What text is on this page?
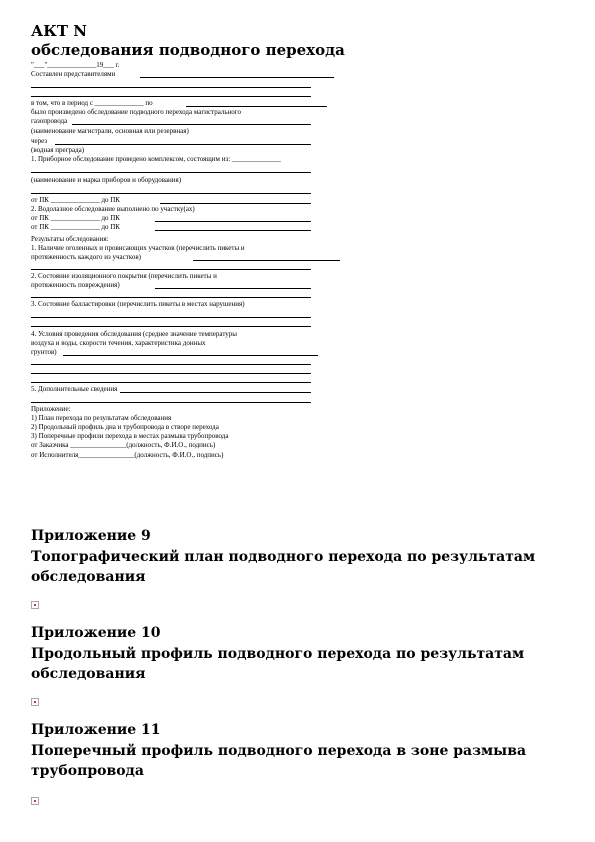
АКТ N
обследования подводного перехода
"___"______________19___ г.
Составлен представителями
в том, что в период с ______________ по
было произведено обследование подводного перехода магистрального
газопровода
(наименование магистрали, основная или резервная)
через
(водная преграда)
1. Приборное обследование проведено комплексом, состоящим из: ______________
(наименование и марка приборов и оборудования)
от ПК ______________ до ПК
2. Водолазное обследование выполнено по участку(ах)
от ПК ______________ до ПК
от ПК ______________ до ПК
Результаты обследования:
1. Наличие оголенных и провисающих участков (перечислить пикеты и
протяженность каждого из участков)
2. Состояние изоляционного покрытия (перечислить пикеты и
протяженность повреждения)
3. Состояние балластировки (перечислить пикеты в местах нарушения)
4. Условия проведения обследования (среднее значение температуры
воздуха и воды, скорости течения, характеристика донных
грунтов)
5. Дополнительные сведения
Приложение:
1) План перехода по результатам обследования
2) Продольный профиль дна и трубопровода в створе перехода
3) Поперечные профили перехода в местах размыва трубопровода
от Заказчика ________________(должность, Ф.И.О., подпись)
от Исполнителя________________(должность, Ф.И.О., подпись)
Приложение 9
Топографический план подводного перехода по результатам обследования
Приложение 10
Продольный профиль подводного перехода по результатам обследования
Приложение 11
Поперечный профиль подводного перехода в зоне размыва трубопровода
